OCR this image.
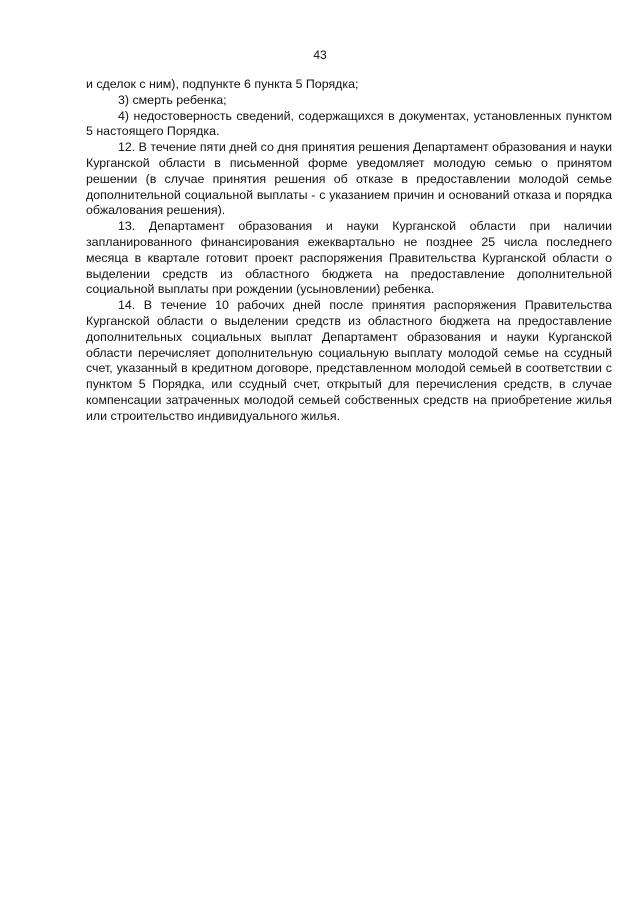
43

и сделок с ним), подпункте 6 пункта 5 Порядка;

3) смерть ребенка;

4) недостоверность сведений, содержащихся в документах, установленных пунктом 5 настоящего Порядка.

12. В течение пяти дней со дня принятия решения Департамент образования и науки Курганской области в письменной форме уведомляет молодую семью о принятом решении (в случае принятия решения об отказе в предоставлении молодой семье дополнительной социальной выплаты - с указанием причин и оснований отказа и порядка обжалования решения).

13. Департамент образования и науки Курганской области при наличии запланированного финансирования ежеквартально не позднее 25 числа последнего месяца в квартале готовит проект распоряжения Правительства Курганской области о выделении средств из областного бюджета на предоставление дополнительной социальной выплаты при рождении (усыновлении) ребенка.

14. В течение 10 рабочих дней после принятия распоряжения Правительства Курганской области о выделении средств из областного бюджета на предоставление дополнительных социальных выплат Департамент образования и науки Курганской области перечисляет дополнительную социальную выплату молодой семье на ссудный счет, указанный в кредитном договоре, представленном молодой семьей в соответствии с пунктом 5 Порядка, или ссудный счет, открытый для перечисления средств, в случае компенсации затраченных молодой семьей собственных средств на приобретение жилья или строительство индивидуального жилья.
